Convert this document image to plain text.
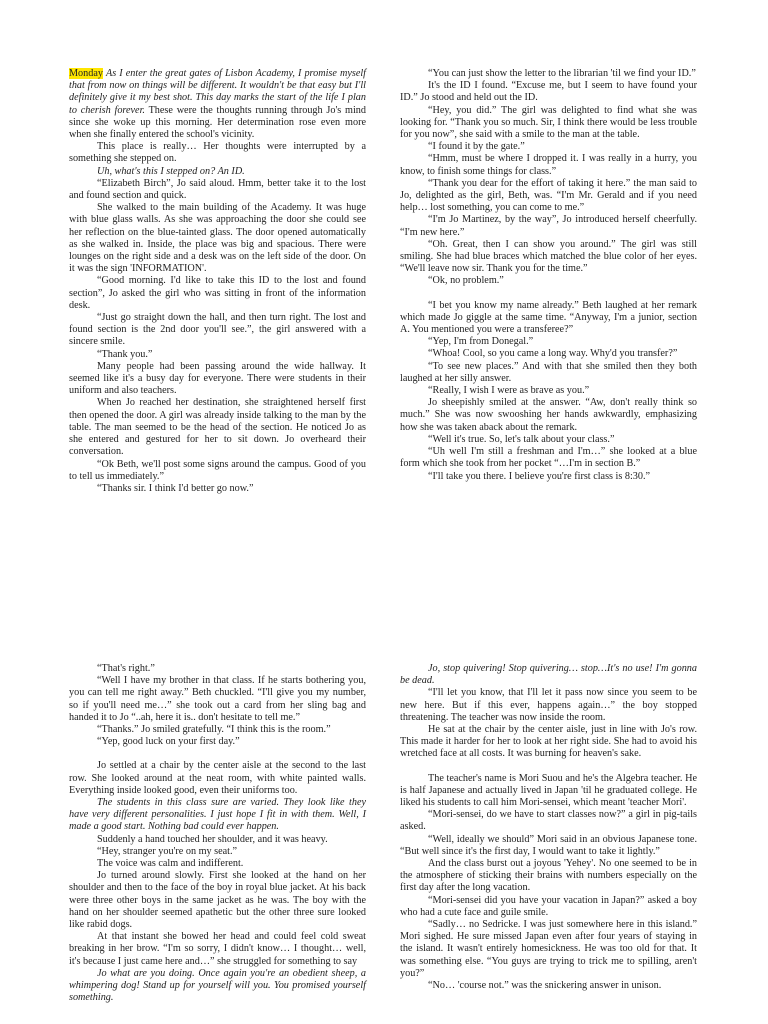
Monday As I enter the great gates of Lisbon Academy, I promise myself that from now on things will be different. It wouldn't be that easy but I'll definitely give it my best shot. This day marks the start of the life I plan to cherish forever. These were the thoughts running through Jo's mind since she woke up this morning. Her determination rose even more when she finally entered the school's vicinity.

This place is really… Her thoughts were interrupted by a something she stepped on.

Uh, what's this I stepped on? An ID.

“Elizabeth Birch”, Jo said aloud. Hmm, better take it to the lost and found section and quick.

She walked to the main building of the Academy. It was huge with blue glass walls. As she was approaching the door she could see her reflection on the blue-tainted glass. The door opened automatically as she walked in. Inside, the place was big and spacious. There were lounges on the right side and a desk was on the left side of the door. On it was the sign 'INFORMATION'.

“Good morning. I'd like to take this ID to the lost and found section”, Jo asked the girl who was sitting in front of the information desk.

“Just go straight down the hall, and then turn right. The lost and found section is the 2nd door you'll see.”, the girl answered with a sincere smile.

“Thank you.”

Many people had been passing around the wide hallway. It seemed like it's a busy day for everyone. There were students in their uniform and also teachers.

When Jo reached her destination, she straightened herself first then opened the door. A girl was already inside talking to the man by the table. The man seemed to be the head of the section. He noticed Jo as she entered and gestured for her to sit down. Jo overheard their conversation.

“Ok Beth, we'll post some signs around the campus. Good of you to tell us immediately.”

“Thanks sir. I think I'd better go now.”

“You can just show the letter to the librarian 'til we find your ID.”

It's the ID I found. “Excuse me, but I seem to have found your ID.” Jo stood and held out the ID.

“Hey, you did.” The girl was delighted to find what she was looking for. “Thank you so much. Sir, I think there would be less trouble for you now”, she said with a smile to the man at the table.

“I found it by the gate.”

“Hmm, must be where I dropped it. I was really in a hurry, you know, to finish some things for class.”

“Thank you dear for the effort of taking it here.” the man said to Jo, delighted as the girl, Beth, was. “I'm Mr. Gerald and if you need help… lost something, you can come to me.”

“I'm Jo Martinez, by the way”, Jo introduced herself cheerfully. “I'm new here.”

“Oh. Great, then I can show you around.” The girl was still smiling. She had blue braces which matched the blue color of her eyes. “We'll leave now sir. Thank you for the time.”

“Ok, no problem.”

“I bet you know my name already.” Beth laughed at her remark which made Jo giggle at the same time. “Anyway, I'm a junior, section A. You mentioned you were a transferee?”

“Yep, I'm from Donegal.”

“Whoa! Cool, so you came a long way. Why'd you transfer?”

“To see new places.” And with that she smiled then they both laughed at her silly answer.

“Really, I wish I were as brave as you.”

Jo sheepishly smiled at the answer. “Aw, don't really think so much.” She was now swooshing her hands awkwardly, emphasizing how she was taken aback about the remark.

“Well it's true. So, let's talk about your class.”

“Uh well I'm still a freshman and I'm…” she looked at a blue form which she took from her pocket “…I'm in section B.”

“I'll take you there. I believe you're first class is 8:30.”

“That's right.”

“Well I have my brother in that class. If he starts bothering you, you can tell me right away.” Beth chuckled. “I'll give you my number, so if you'll need me…” she took out a card from her sling bag and handed it to Jo “..ah, here it is.. don't hesitate to tell me.”

“Thanks.” Jo smiled gratefully. “I think this is the room.”

“Yep, good luck on your first day.”

Jo settled at a chair by the center aisle at the second to the last row. She looked around at the neat room, with white painted walls. Everything inside looked good, even their uniforms too.

The students in this class sure are varied. They look like they have very different personalities. I just hope I fit in with them. Well, I made a good start. Nothing bad could ever happen.

Suddenly a hand touched her shoulder, and it was heavy.

“Hey, stranger you're on my seat.”

The voice was calm and indifferent.

Jo turned around slowly. First she looked at the hand on her shoulder and then to the face of the boy in royal blue jacket. At his back were three other boys in the same jacket as he was. The boy with the hand on her shoulder seemed apathetic but the other three sure looked like rabid dogs.

At that instant she bowed her head and could feel cold sweat breaking in her brow. “I'm so sorry, I didn't know… I thought… well, it's because I just came here and…” she struggled for something to say

Jo what are you doing. Once again you're an obedient sheep, a whimpering dog! Stand up for yourself will you. You promised yourself something.

Jo, stop quivering! Stop quivering… stop…It's no use! I'm gonna be dead.

“I'll let you know, that I'll let it pass now since you seem to be new here. But if this ever, happens again…” the boy stopped threatening. The teacher was now inside the room.

He sat at the chair by the center aisle, just in line with Jo's row. This made it harder for her to look at her right side. She had to avoid his wretched face at all costs. It was burning for heaven's sake.

The teacher's name is Mori Suou and he's the Algebra teacher. He is half Japanese and actually lived in Japan 'til he graduated college. He liked his students to call him Mori-sensei, which meant 'teacher Mori'.

“Mori-sensei, do we have to start classes now?” a girl in pig-tails asked.

“Well, ideally we should” Mori said in an obvious Japanese tone. “But well since it's the first day, I would want to take it lightly.”

And the class burst out a joyous 'Yehey'. No one seemed to be in the atmosphere of sticking their brains with numbers especially on the first day after the long vacation.

“Mori-sensei did you have your vacation in Japan?” asked a boy who had a cute face and guile smile.

“Sadly… no Sedricke. I was just somewhere here in this island.” Mori sighed. He sure missed Japan even after four years of staying in the island. It wasn't entirely homesickness. He was too old for that. It was something else. “You guys are trying to trick me to spilling, aren't you?”

“No… 'course not.” was the snickering answer in unison.
